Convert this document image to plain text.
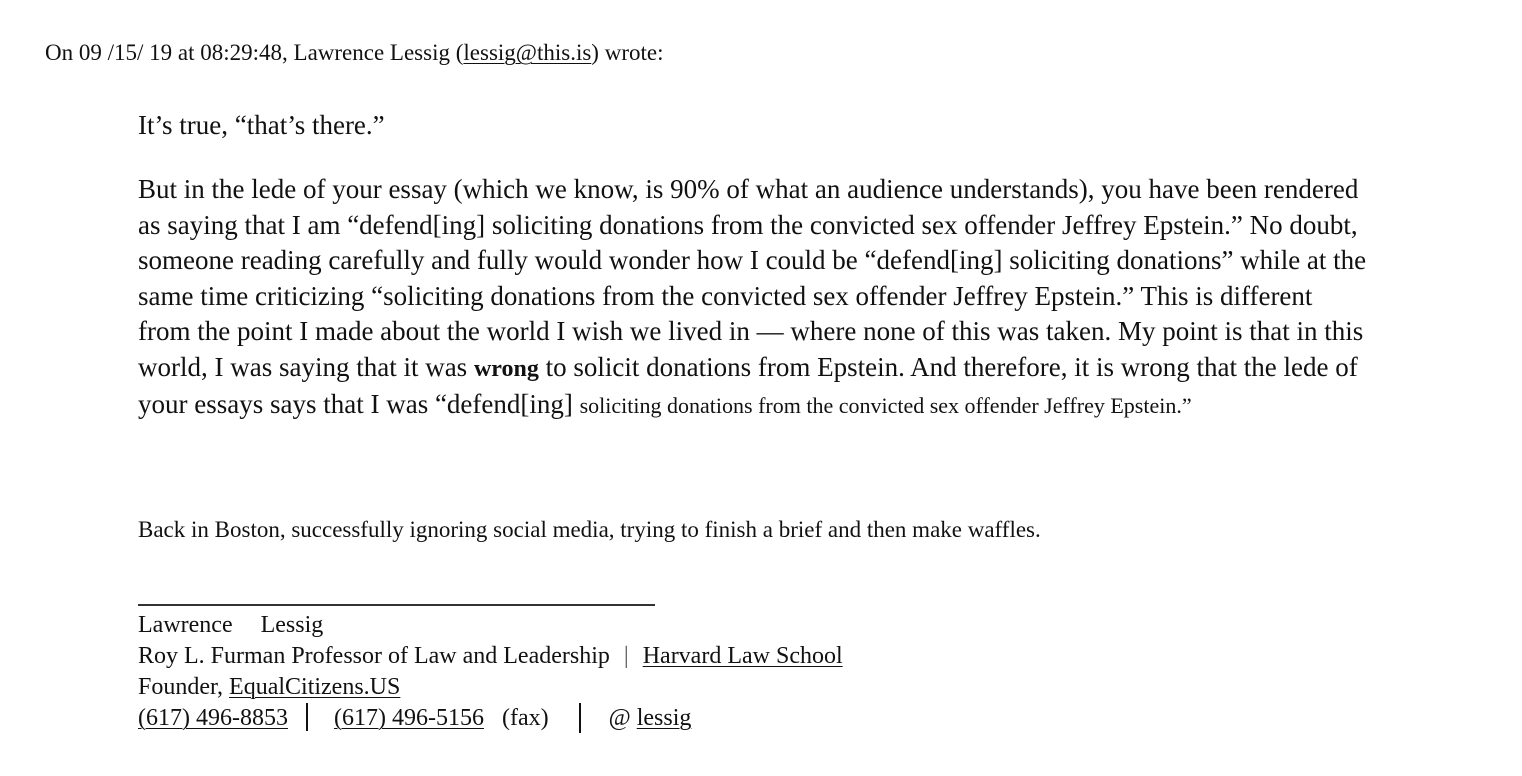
On 09 /15/ 19 at 08:29:48, Lawrence Lessig (lessig@this.is) wrote:
It’s true, “that’s there.”
But in the lede of your essay (which we know, is 90% of what an audience understands), you have been rendered as saying that I am “defend[ing] soliciting donations from the convicted sex offender Jeffrey Epstein.” No doubt, someone reading carefully and fully would wonder how I could be “defend[ing] soliciting donations” while at the same time criticizing “soliciting donations from the convicted sex offender Jeffrey Epstein.” This is different from the point I made about the world I wish we lived in — where none of this was taken. My point is that in this world, I was saying that it was wrong to solicit donations from Epstein. And therefore, it is wrong that the lede of your essays says that I was “defend[ing] soliciting donations from the convicted sex offender Jeffrey Epstein.”
Back in Boston, successfully ignoring social media, trying to finish a brief and then make waffles.
Lawrence Lessig
Roy L. Furman Professor of Law and Leadership | Harvard Law School
Founder, EqualCitizens.US
(617) 496-8853 (617) 496-5156 (fax)	@ lessig
